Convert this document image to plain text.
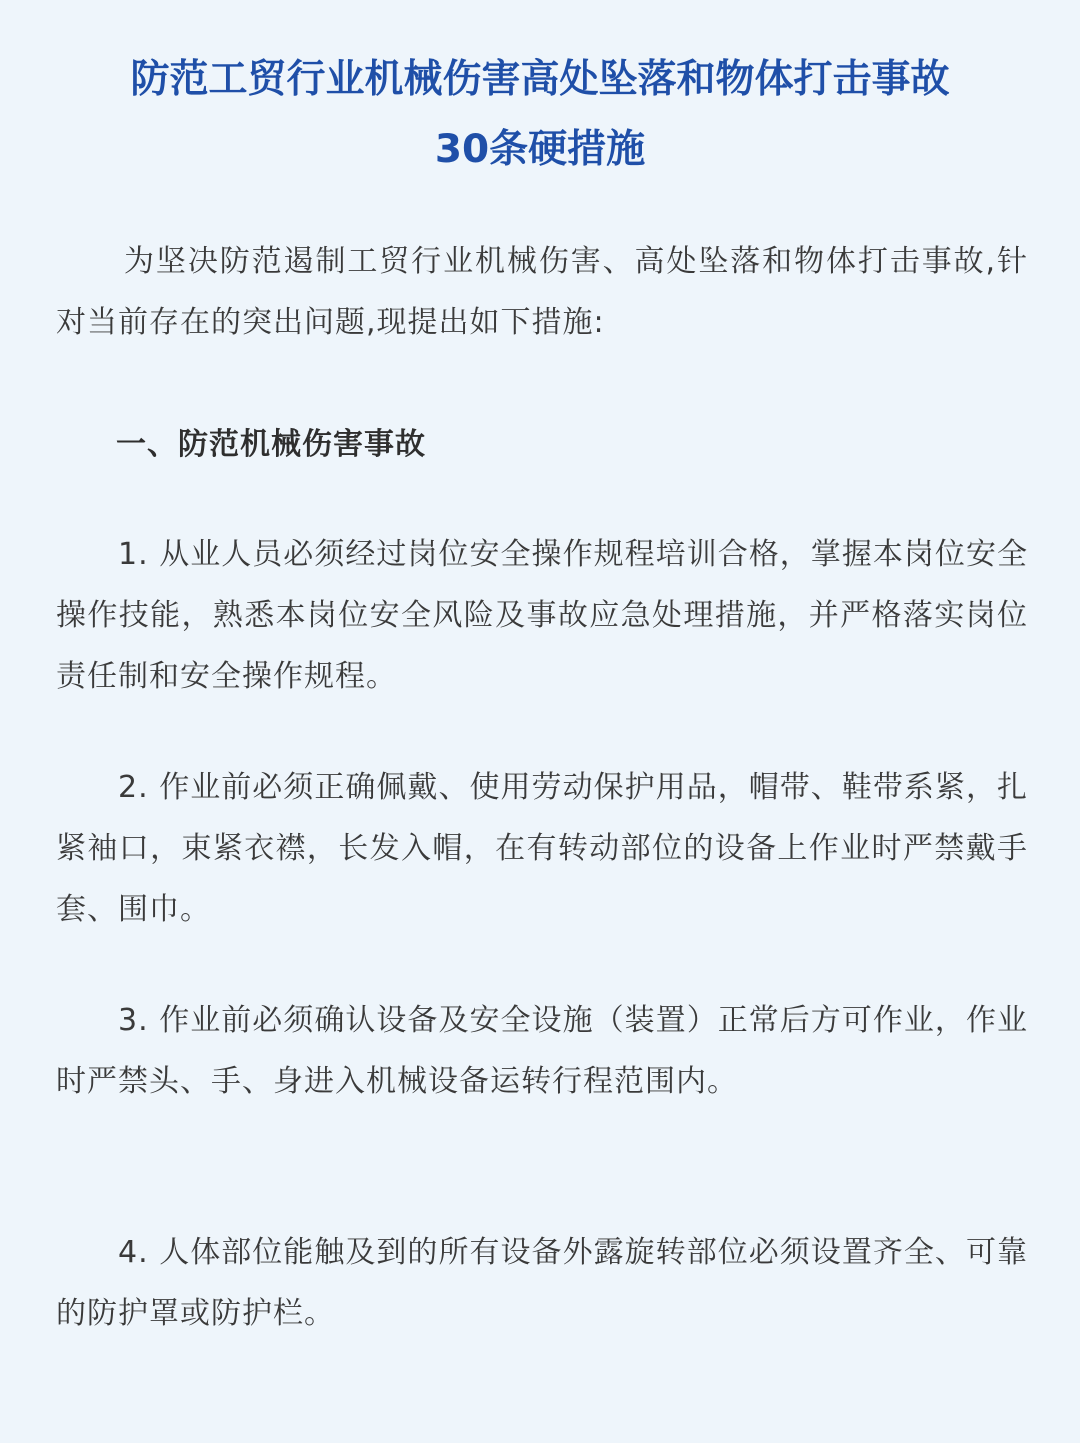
防范工贸行业机械伤害高处坠落和物体打击事故
30条硬措施

为坚决防范遏制工贸行业机械伤害、高处坠落和物体打击事故,针对当前存在的突出问题,现提出如下措施:

一、防范机械伤害事故

1. 从业人员必须经过岗位安全操作规程培训合格，掌握本岗位安全操作技能，熟悉本岗位安全风险及事故应急处理措施，并严格落实岗位责任制和安全操作规程。

2. 作业前必须正确佩戴、使用劳动保护用品，帽带、鞋带系紧，扎紧袖口，束紧衣襟，长发入帽，在有转动部位的设备上作业时严禁戴手套、围巾。

3. 作业前必须确认设备及安全设施（装置）正常后方可作业，作业时严禁头、手、身进入机械设备运转行程范围内。

4. 人体部位能触及到的所有设备外露旋转部位必须设置齐全、可靠的防护罩或防护栏。
